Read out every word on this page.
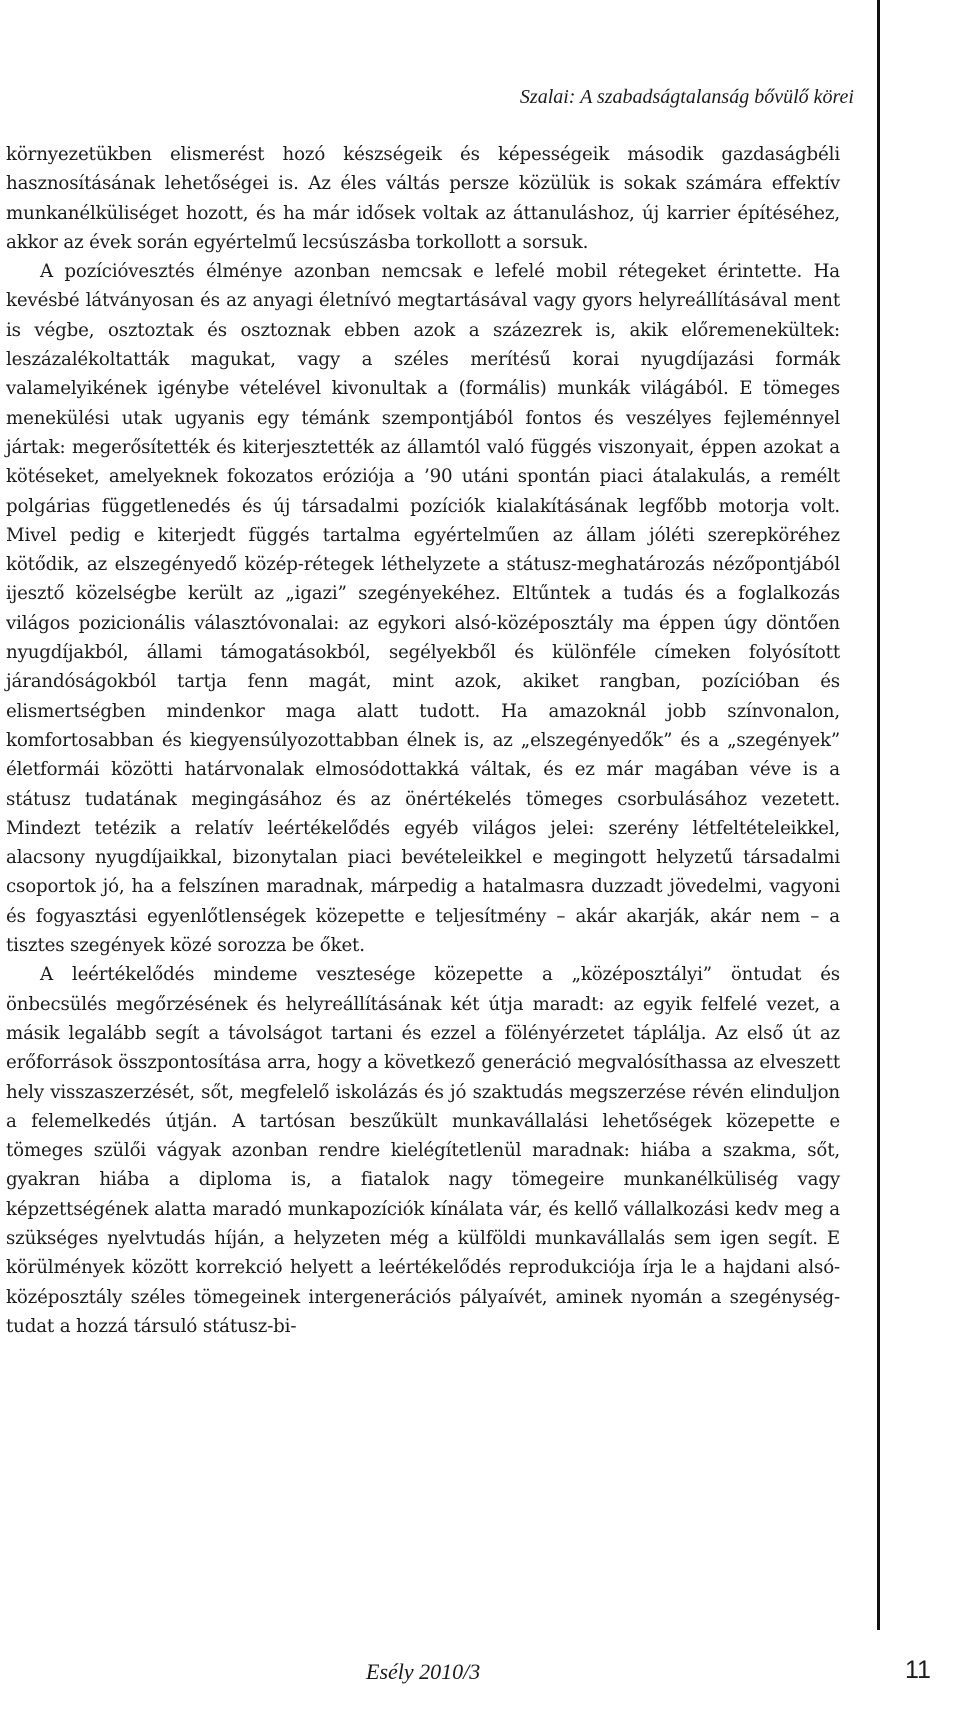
Szalai: A szabadságtalanság bővülő körei

környezetükben elismerést hozó készségeik és képességeik második gazdaságbéli hasznosításának lehetőségei is. Az éles váltás persze közülük is sokak számára effektív munkanélküliséget hozott, és ha már idősek voltak az áttanuláshoz, új karrier építéséhez, akkor az évek során egyértelmű lecsúszásba torkollott a sorsuk.

A pozícióvesztés élménye azonban nemcsak e lefelé mobil rétegeket érintette. Ha kevésbé látványosan és az anyagi életnívó megtartásával vagy gyors helyreállításával ment is végbe, osztoztak és osztoznak ebben azok a százezrek is, akik előremenekültek: leszázalékoltatták magukat, vagy a széles merítésű korai nyugdíjazási formák valamelyikének igénybe vételével kivonultak a (formális) munkák világából. E tömeges menekülési utak ugyanis egy témánk szempontjából fontos és veszélyes fejleménnyel jártak: megerősítették és kiterjesztették az államtól való függés viszonyait, éppen azokat a kötéseket, amelyeknek fokozatos eróziója a ’90 utáni spontán piaci átalakulás, a remélt polgárias függetlenedés és új társadalmi pozíciók kialakításának legfőbb motorja volt. Mivel pedig e kiterjedt függés tartalma egyértelműen az állam jóléti szerepköréhez kötődik, az elszegényedő közép-rétegek léthelyzete a státusz-meghatározás nézőpontjából ijesztő közelségbe került az „igazi” szegényekéhez. Eltűntek a tudás és a foglalkozás világos pozicionális választóvonalai: az egykori alsó-középosztály ma éppen úgy döntően nyugdíjakból, állami támogatásokból, segélyekből és különféle címeken folyósított járandóságokból tartja fenn magát, mint azok, akiket rangban, pozícióban és elismertségben mindenkor maga alatt tudott. Ha amazoknál jobb színvonalon, komfortosabban és kiegyensúlyozottabban élnek is, az „elszegényedők” és a „szegények” életformái közötti határvonalak elmosódottakká váltak, és ez már magában véve is a státusz tudatának megingásához és az önértékelés tömeges csorbulásához vezetett. Mindezt tetézik a relatív leértékelődés egyéb világos jelei: szerény létfeltételeikkel, alacsony nyugdíjaikkal, bizonytalan piaci bevételeikkel e megingott helyzetű társadalmi csoportok jó, ha a felszínen maradnak, márpedig a hatalmasra duzzadt jövedelmi, vagyoni és fogyasztási egyenlőtlenségek közepette e teljesítmény – akár akarják, akár nem – a tisztes szegények közé sorozza be őket.

A leértékelődés mindeme vesztesége közepette a „középosztályi” öntudat és önbecsülés megőrzésének és helyreállításának két útja maradt: az egyik felfelé vezet, a másik legalább segít a távolságot tartani és ezzel a fölényérzetet táplálja. Az első út az erőforrások összpontosítása arra, hogy a következő generáció megvalósíthassa az elveszett hely visszaszerzését, sőt, megfelelő iskolázás és jó szaktudás megszerzése révén elinduljon a felemelkedés útján. A tartósan beszűkült munkavállalási lehetőségek közepette e tömeges szülői vágyak azonban rendre kielégítetlenül maradnak: hiába a szakma, sőt, gyakran hiába a diploma is, a fiatalok nagy tömegeire munkanélküliség vagy képzettségének alatta maradó munkapozíciók kínálata vár, és kellő vállalkozási kedv meg a szükséges nyelvtudás híján, a helyzeten még a külföldi munkavállalás sem igen segít. E körülmények között korrekció helyett a leértékelődés reprodukciója írja le a hajdani alsó-középosztály széles tömegeinek intergenerációs pályaívét, aminek nyomán a szegénység-tudat a hozzá társuló státusz-bi-

Esély 2010/3	11
